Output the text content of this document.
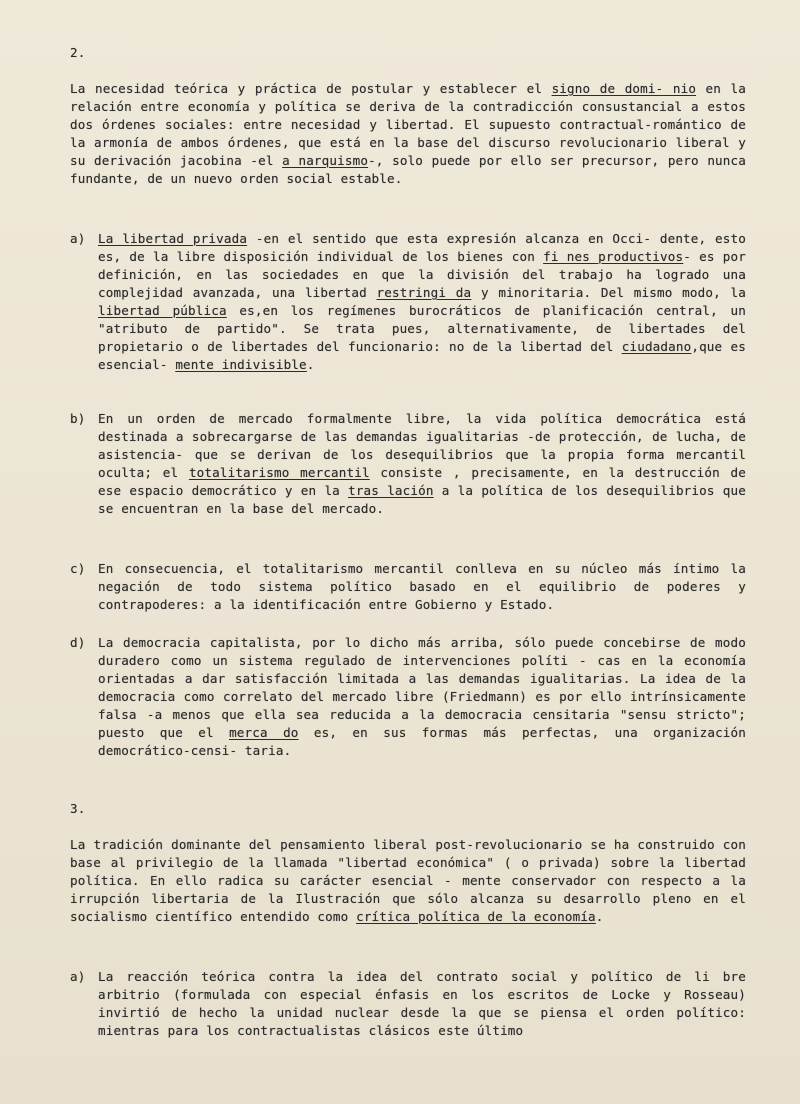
2.
La necesidad teórica y práctica de postular y establecer el signo de domi- nio en la relación entre economía y política se deriva de la contradicción consustancial a estos dos órdenes sociales: entre necesidad y libertad. El supuesto contractual-romántico de la armonía de ambos órdenes, que está en la base del discurso revolucionario liberal y su derivación jacobina -el a narquismo-, solo puede por ello ser precursor, pero nunca fundante, de un nuevo orden social estable.
a) La libertad privada -en el sentido que esta expresión alcanza en Occi- dente, esto es, de la libre disposición individual de los bienes con fi nes productivos- es por definición, en las sociedades en que la división del trabajo ha logrado una complejidad avanzada, una libertad restringi da y minoritaria. Del mismo modo, la libertad pública es,en los regímenes burocráticos de planificación central, un "atributo de partido". Se trata pues, alternativamente, de libertades del propietario o de libertades del funcionario: no de la libertad del ciudadano,que es esencial- mente indivisible.
b) En un orden de mercado formalmente libre, la vida política democrática está destinada a sobrecargarse de las demandas igualitarias -de protección, de lucha, de asistencia- que se derivan de los desequilibrios que la propia forma mercantil oculta; el totalitarismo mercantil consiste , precisamente, en la destrucción de ese espacio democrático y en la tras lación a la política de los desequilibrios que se encuentran en la base del mercado.
c) En consecuencia, el totalitarismo mercantil conlleva en su núcleo más íntimo la negación de todo sistema político basado en el equilibrio de poderes y contrapoderes: a la identificación entre Gobierno y Estado.
d) La democracia capitalista, por lo dicho más arriba, sólo puede concebirse de modo duradero como un sistema regulado de intervenciones políti - cas en la economía orientadas a dar satisfacción limitada a las demandas igualitarias. La idea de la democracia como correlato del mercado libre (Friedmann) es por ello intrínsicamente falsa -a menos que ella sea reducida a la democracia censitaria "sensu stricto"; puesto que el merca do es, en sus formas más perfectas, una organización democrático-censi- taria.
3.
La tradición dominante del pensamiento liberal post-revolucionario se ha construido con base al privilegio de la llamada "libertad económica" ( o privada) sobre la libertad política. En ello radica su carácter esencial - mente conservador con respecto a la irrupción libertaria de la Ilustración que sólo alcanza su desarrollo pleno en el socialismo científico entendido como crítica política de la economía.
a) La reacción teórica contra la idea del contrato social y político de li bre arbitrio (formulada con especial énfasis en los escritos de Locke y Rosseau) invirtió de hecho la unidad nuclear desde la que se piensa el orden político: mientras para los contractualistas clásicos este último
